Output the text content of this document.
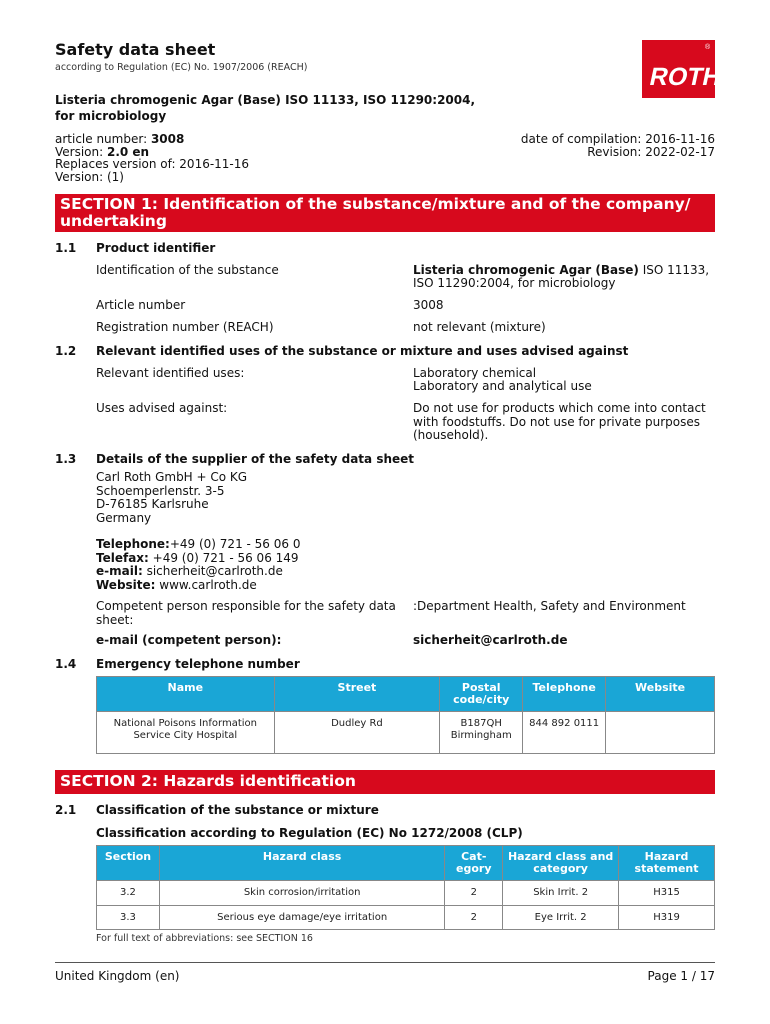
Safety data sheet
according to Regulation (EC) No. 1907/2006 (REACH)	ROTH
®
Listeria chromogenic Agar (Base) ISO 11133, ISO 11290:2004, for microbiology
article number: 3008
Version: 2.0 en
Replaces version of: 2016-11-16
Version: (1)
date of compilation: 2016-11-16
Revision: 2022-02-17
SECTION 1: Identification of the substance/mixture and of the company/ undertaking
1.1 Product identifier
Identification of the substance	Listeria chromogenic Agar (Base) ISO 11133, ISO 11290:2004, for microbiology
Article number	3008
Registration number (REACH)	not relevant (mixture)
1.2 Relevant identified uses of the substance or mixture and uses advised against
Relevant identified uses:	Laboratory chemical
Laboratory and analytical use
Uses advised against:	Do not use for products which come into contact with foodstuffs. Do not use for private purposes (household).
1.3 Details of the supplier of the safety data sheet
Carl Roth GmbH + Co KG
Schoemperlenstr. 3-5
D-76185 Karlsruhe
Germany
Telephone:+49 (0) 721 - 56 06 0
Telefax: +49 (0) 721 - 56 06 149
e-mail: sicherheit@carlroth.de
Website: www.carlroth.de
Competent person responsible for the safety data sheet:
:Department Health, Safety and Environment
e-mail (competent person):	sicherheit@carlroth.de
1.4 Emergency telephone number
Name	Street	Postal code/city	Telephone	Website
National Poisons Information Service City Hospital	Dudley Rd	B187QH Birmingham	844 892 0111	
SECTION 2: Hazards identification
2.1 Classification of the substance or mixture
Classification according to Regulation (EC) No 1272/2008 (CLP)
Section	Hazard class	Cat-egory	Hazard class and category	Hazard statement
3.2	Skin corrosion/irritation	2	Skin Irrit. 2	H315
3.3	Serious eye damage/eye irritation	2	Eye Irrit. 2	H319
For full text of abbreviations: see SECTION 16
United Kingdom (en)	Page 1 / 17
